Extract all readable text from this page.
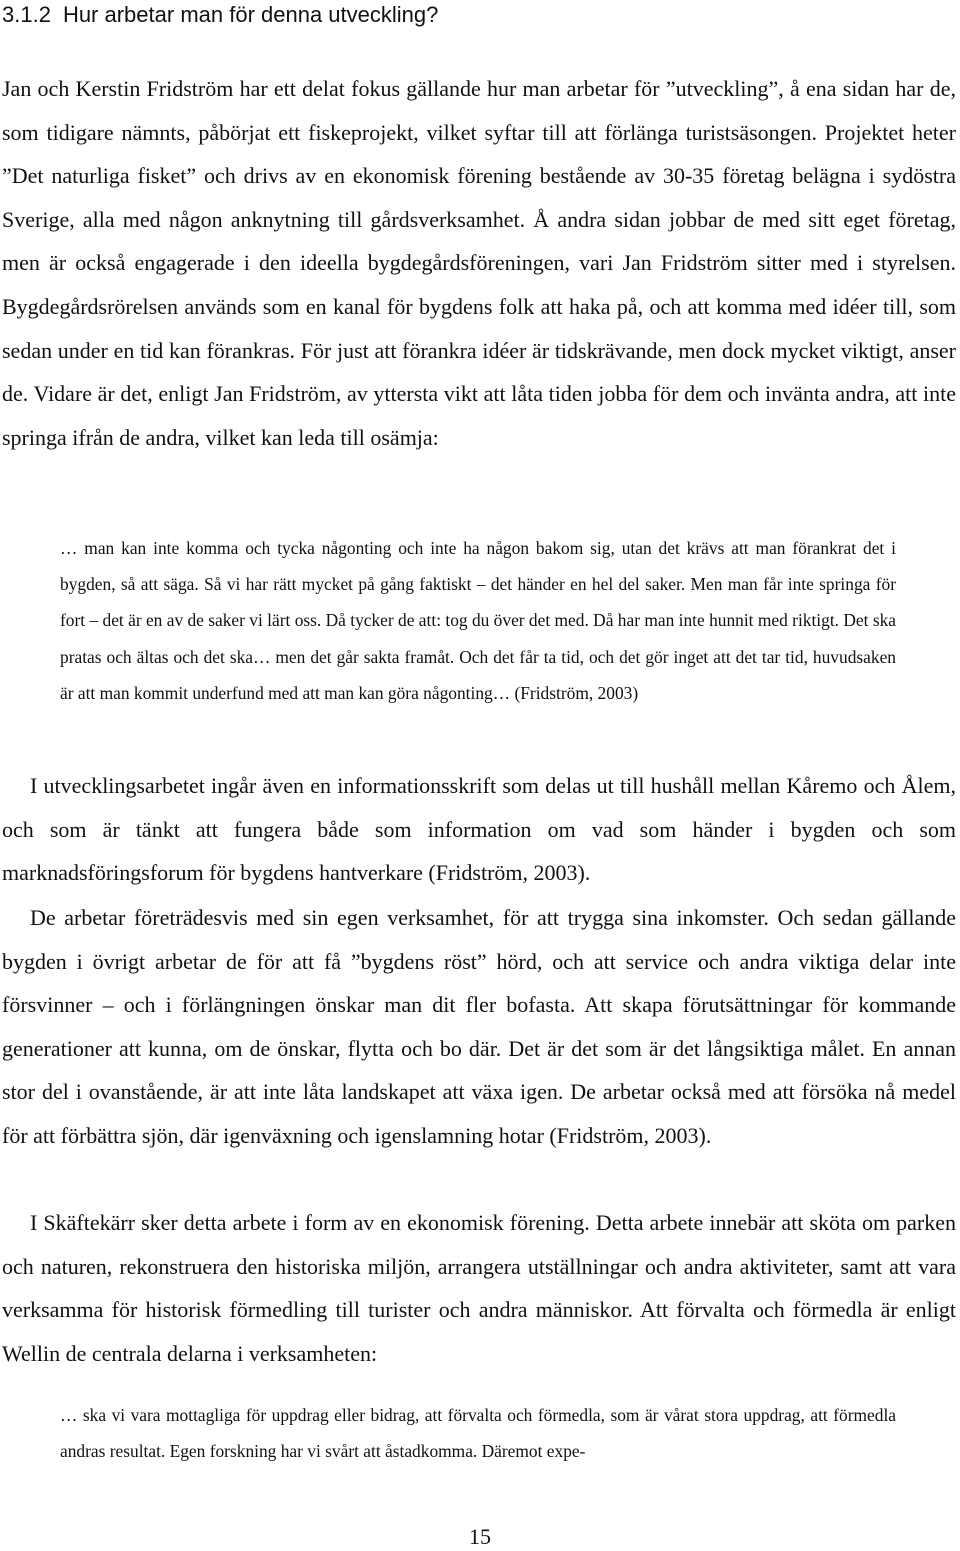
3.1.2 Hur arbetar man för denna utveckling?

Jan och Kerstin Fridström har ett delat fokus gällande hur man arbetar för ”utveckling”, å ena sidan har de, som tidigare nämnts, påbörjat ett fiskeprojekt, vilket syftar till att förlänga turistsäsongen. Projektet heter ”Det naturliga fisket” och drivs av en ekonomisk förening bestående av 30-35 företag belägna i sydöstra Sverige, alla med någon anknytning till gårdsverksamhet. Å andra sidan jobbar de med sitt eget företag, men är också engagerade i den ideella bygdegårdsföreningen, vari Jan Fridström sitter med i styrelsen. Bygdegårdsrörelsen används som en kanal för bygdens folk att haka på, och att komma med idéer till, som sedan under en tid kan förankras. För just att förankra idéer är tidskrävande, men dock mycket viktigt, anser de. Vidare är det, enligt Jan Fridström, av yttersta vikt att låta tiden jobba för dem och invänta andra, att inte springa ifrån de andra, vilket kan leda till osämja:

… man kan inte komma och tycka någonting och inte ha någon bakom sig, utan det krävs att man förankrat det i bygden, så att säga. Så vi har rätt mycket på gång faktiskt – det händer en hel del saker. Men man får inte springa för fort – det är en av de saker vi lärt oss. Då tycker de att: tog du över det med. Då har man inte hunnit med riktigt. Det ska pratas och ältas och det ska… men det går sakta framåt. Och det får ta tid, och det gör inget att det tar tid, huvudsaken är att man kommit underfund med att man kan göra någonting… (Fridström, 2003)

I utvecklingsarbetet ingår även en informationsskrift som delas ut till hushåll mellan Kåremo och Ålem, och som är tänkt att fungera både som information om vad som händer i bygden och som marknadsföringsforum för bygdens hantverkare (Fridström, 2003).

De arbetar företrädesvis med sin egen verksamhet, för att trygga sina inkomster. Och sedan gällande bygden i övrigt arbetar de för att få ”bygdens röst” hörd, och att service och andra viktiga delar inte försvinner – och i förlängningen önskar man dit fler bofasta. Att skapa förutsättningar för kommande generationer att kunna, om de önskar, flytta och bo där. Det är det som är det långsiktiga målet. En annan stor del i ovanstående, är att inte låta landskapet att växa igen. De arbetar också med att försöka nå medel för att förbättra sjön, där igenväxning och igenslamning hotar (Fridström, 2003).

I Skäftekärr sker detta arbete i form av en ekonomisk förening. Detta arbete innebär att sköta om parken och naturen, rekonstruera den historiska miljön, arrangera utställningar och andra aktiviteter, samt att vara verksamma för historisk förmedling till turister och andra människor. Att förvalta och förmedla är enligt Wellin de centrala delarna i verksamheten:

… ska vi vara mottagliga för uppdrag eller bidrag, att förvalta och förmedla, som är vårat stora uppdrag, att förmedla andras resultat. Egen forskning har vi svårt att åstadkomma. Däremot expe-

15
